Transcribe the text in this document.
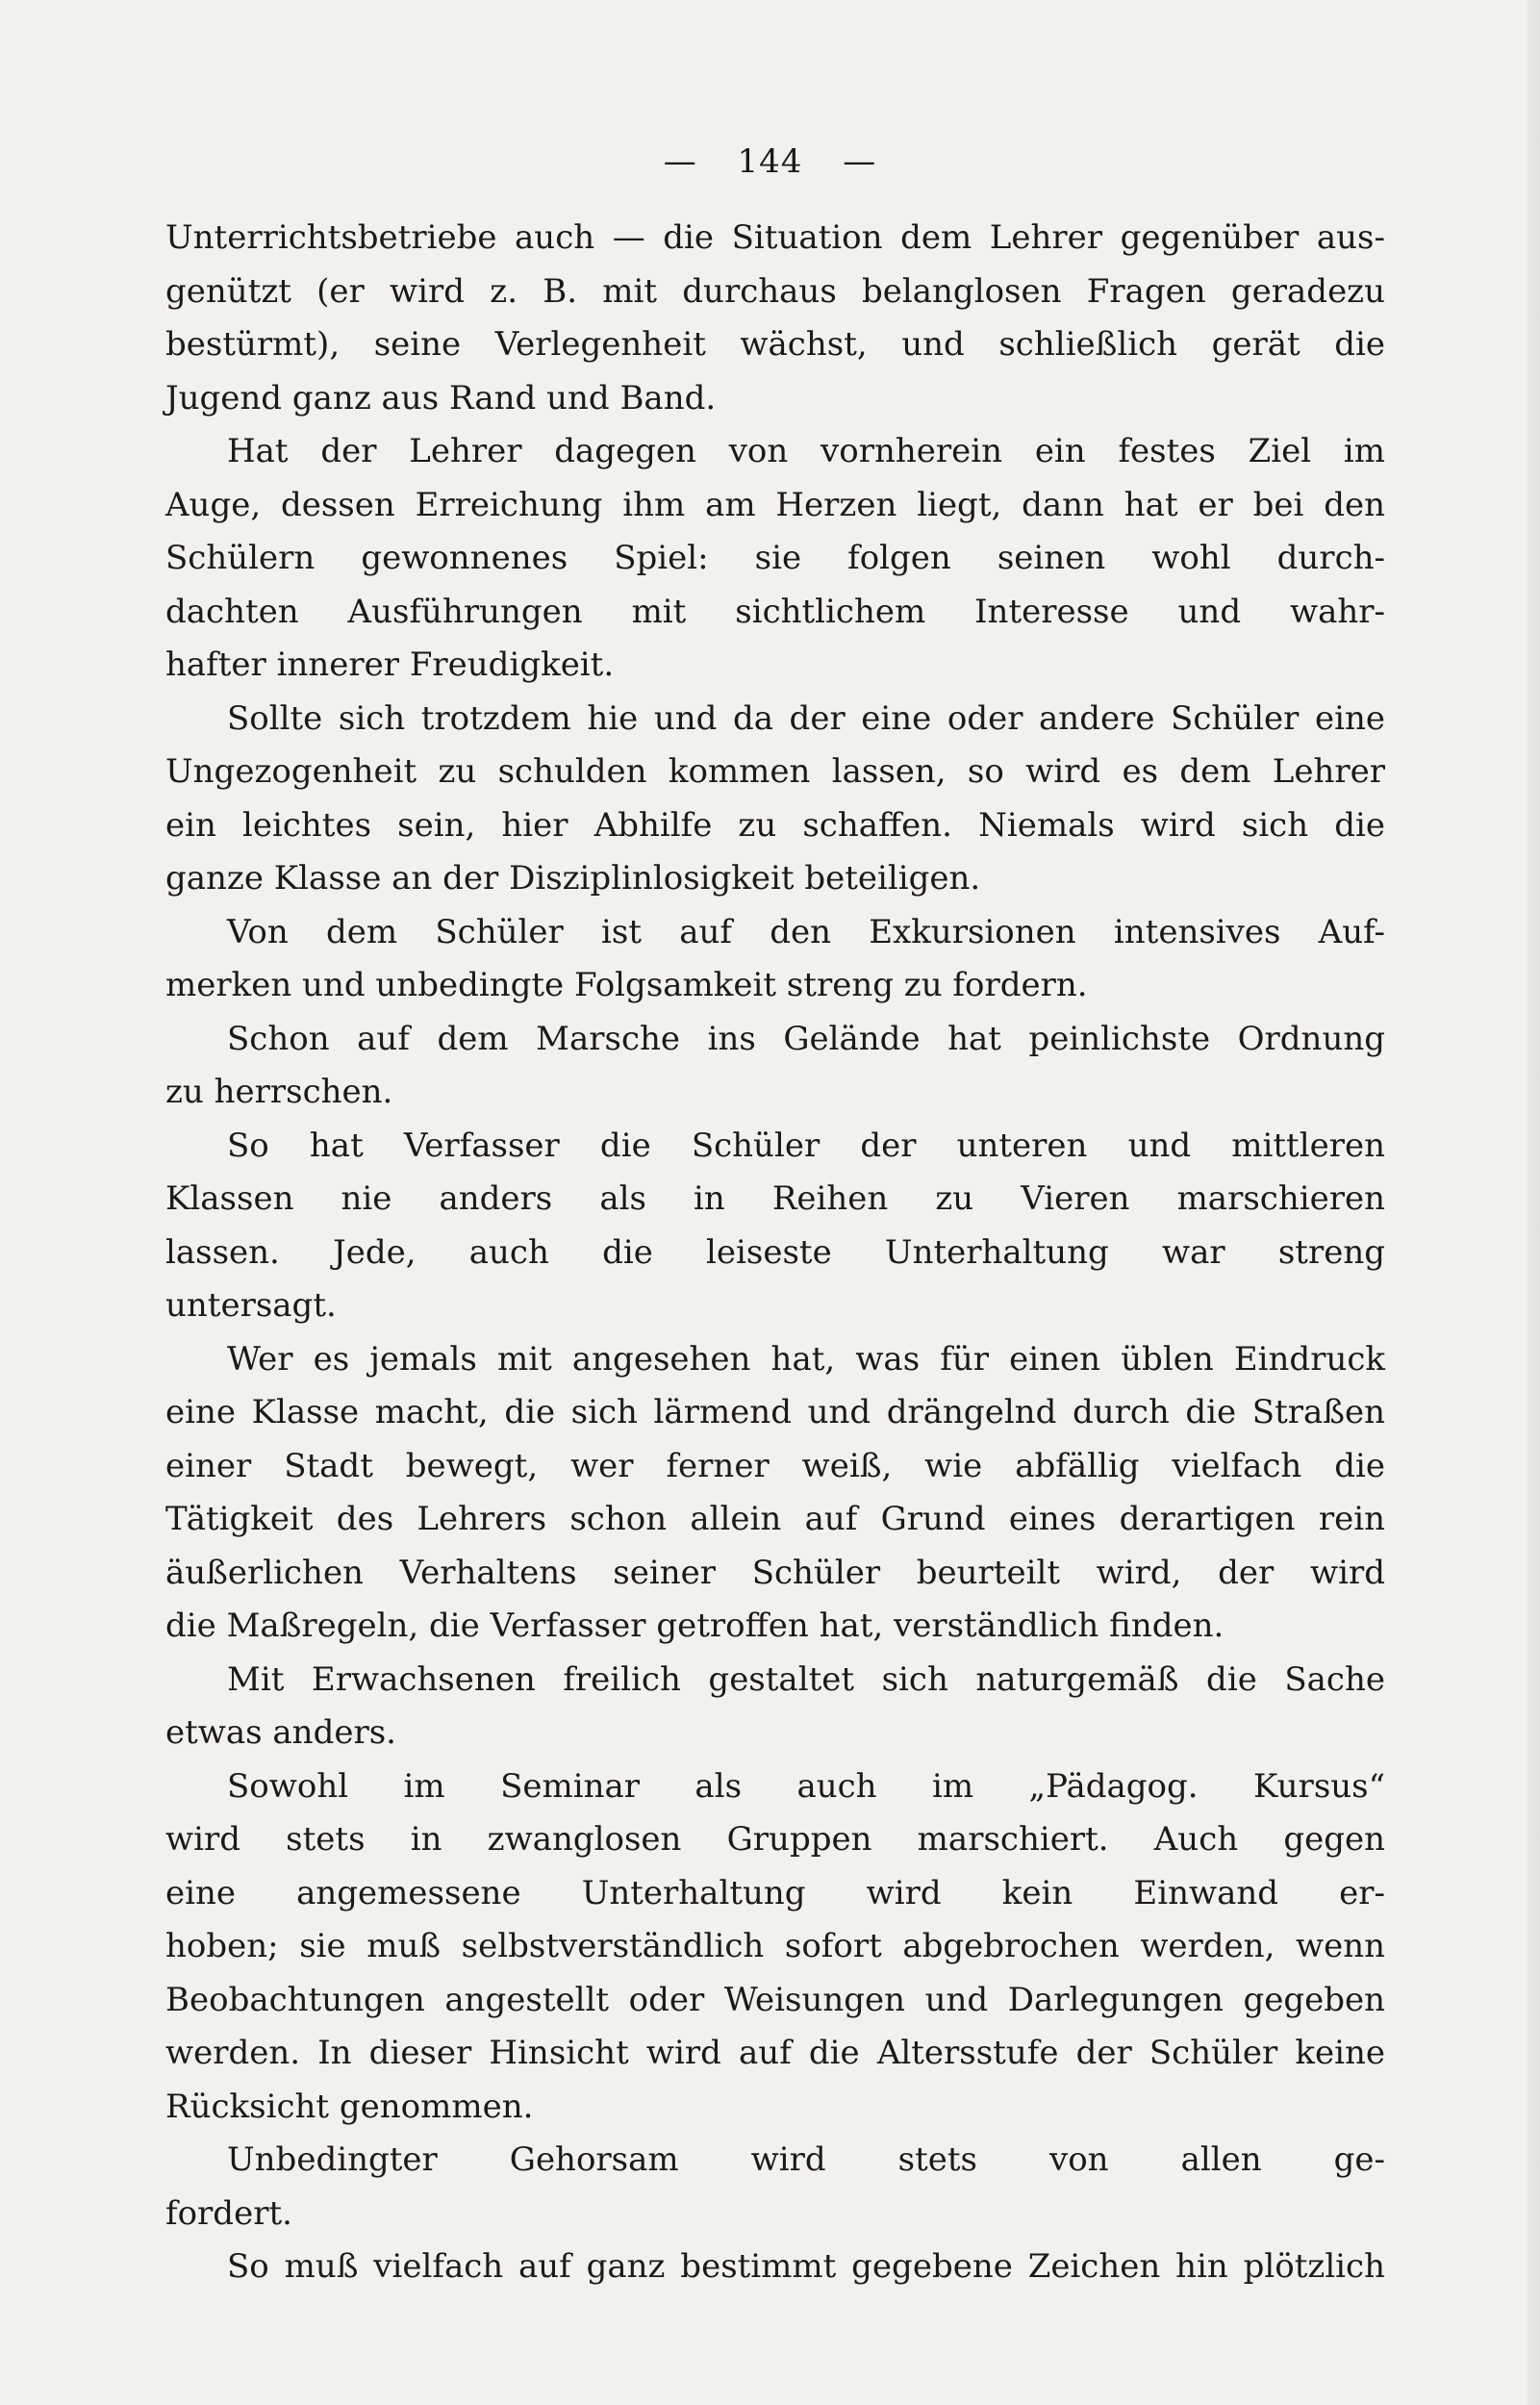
— 144 —
Unterrichtsbetriebe auch — die Situation dem Lehrer gegenüber aus-
genützt (er wird z. B. mit durchaus belanglosen Fragen geradezu
bestürmt), seine Verlegenheit wächst, und schließlich gerät die
Jugend ganz aus Rand und Band.
Hat der Lehrer dagegen von vornherein ein festes Ziel im
Auge, dessen Erreichung ihm am Herzen liegt, dann hat er bei den
Schülern gewonnenes Spiel: sie folgen seinen wohl durch-
dachten Ausführungen mit sichtlichem Interesse und wahr-
hafter innerer Freudigkeit.
Sollte sich trotzdem hie und da der eine oder andere Schüler eine
Ungezogenheit zu schulden kommen lassen, so wird es dem Lehrer
ein leichtes sein, hier Abhilfe zu schaffen. Niemals wird sich die
ganze Klasse an der Disziplinlosigkeit beteiligen.
Von dem Schüler ist auf den Exkursionen intensives Auf-
merken und unbedingte Folgsamkeit streng zu fordern.
Schon auf dem Marsche ins Gelände hat peinlichste Ordnung
zu herrschen.
So hat Verfasser die Schüler der unteren und mittleren
Klassen nie anders als in Reihen zu Vieren marschieren
lassen. Jede, auch die leiseste Unterhaltung war streng
untersagt.
Wer es jemals mit angesehen hat, was für einen üblen Eindruck
eine Klasse macht, die sich lärmend und drängelnd durch die Straßen
einer Stadt bewegt, wer ferner weiß, wie abfällig vielfach die
Tätigkeit des Lehrers schon allein auf Grund eines derartigen rein
äußerlichen Verhaltens seiner Schüler beurteilt wird, der wird
die Maßregeln, die Verfasser getroffen hat, verständlich finden.
Mit Erwachsenen freilich gestaltet sich naturgemäß die Sache
etwas anders.
Sowohl im Seminar als auch im „Pädagog. Kursus“
wird stets in zwanglosen Gruppen marschiert. Auch gegen
eine angemessene Unterhaltung wird kein Einwand er-
hoben; sie muß selbstverständlich sofort abgebrochen werden, wenn
Beobachtungen angestellt oder Weisungen und Darlegungen gegeben
werden. In dieser Hinsicht wird auf die Altersstufe der Schüler keine
Rücksicht genommen.
Unbedingter Gehorsam wird stets von allen ge-
fordert.
So muß vielfach auf ganz bestimmt gegebene Zeichen hin plötzlich
